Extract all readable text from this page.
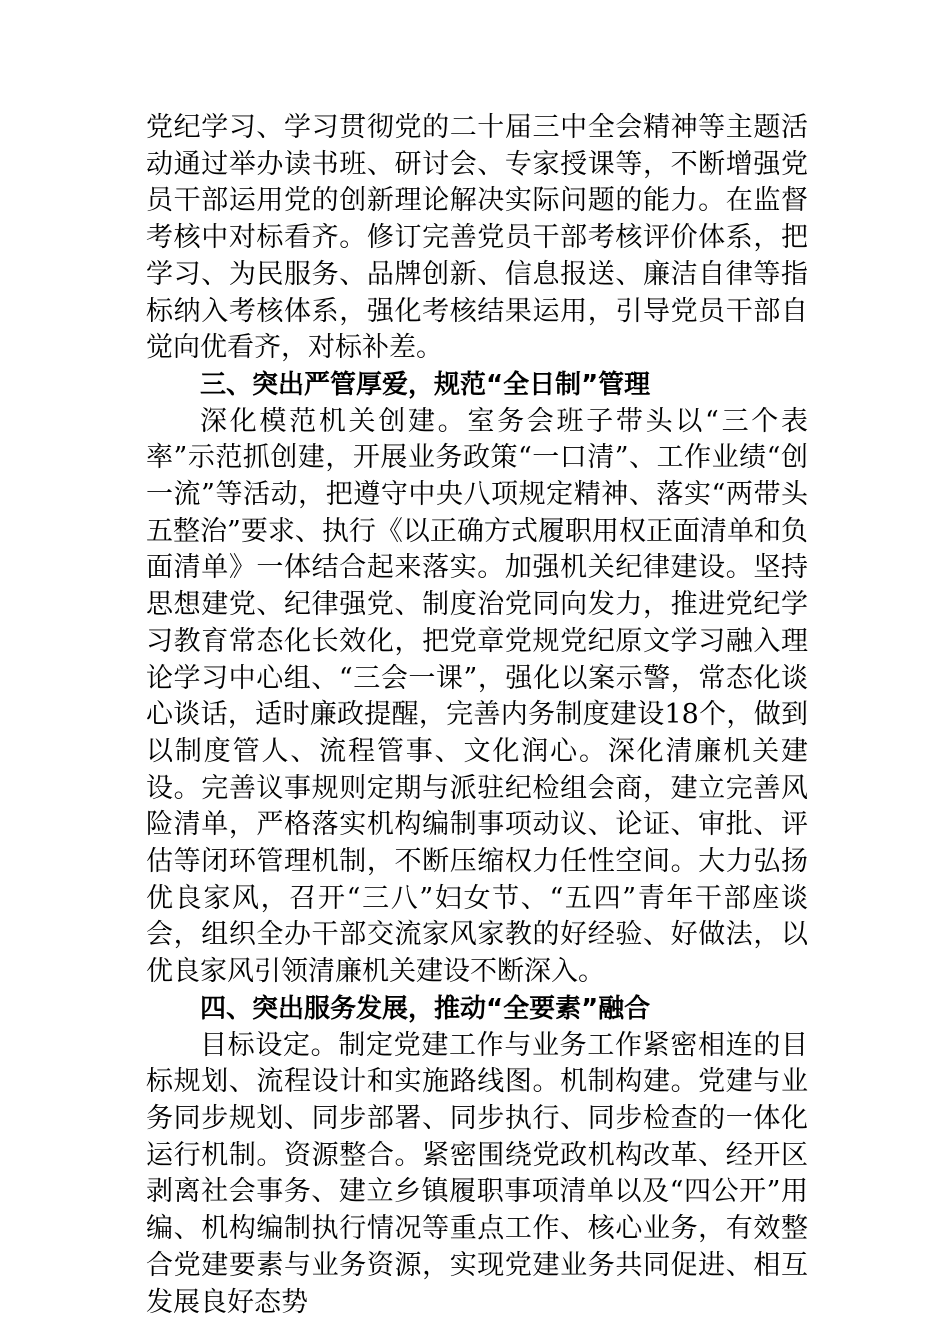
党纪学习、学习贯彻党的二十届三中全会精神等主题活动通过举办读书班、研讨会、专家授课等，不断增强党员干部运用党的创新理论解决实际问题的能力。在监督考核中对标看齐。修订完善党员干部考核评价体系，把学习、为民服务、品牌创新、信息报送、廉洁自律等指标纳入考核体系，强化考核结果运用，引导党员干部自觉向优看齐，对标补差。

三、突出严管厚爱，规范“全日制”管理

深化模范机关创建。室务会班子带头以“三个表率”示范抓创建，开展业务政策“一口清”、工作业绩“创一流”等活动，把遵守中央八项规定精神、落实“两带头五整治”要求、执行《以正确方式履职用权正面清单和负面清单》一体结合起来落实。加强机关纪律建设。坚持思想建党、纪律强党、制度治党同向发力，推进党纪学习教育常态化长效化，把党章党规党纪原文学习融入理论学习中心组、“三会一课”，强化以案示警，常态化谈心谈话，适时廉政提醒，完善内务制度建设18个，做到以制度管人、流程管事、文化润心。深化清廉机关建设。完善议事规则定期与派驻纪检组会商，建立完善风险清单，严格落实机构编制事项动议、论证、审批、评估等闭环管理机制，不断压缩权力任性空间。大力弘扬优良家风，召开“三八”妇女节、“五四”青年干部座谈会，组织全办干部交流家风家教的好经验、好做法，以优良家风引领清廉机关建设不断深入。

四、突出服务发展，推动“全要素”融合

目标设定。制定党建工作与业务工作紧密相连的目标规划、流程设计和实施路线图。机制构建。党建与业务同步规划、同步部署、同步执行、同步检查的一体化运行机制。资源整合。紧密围绕党政机构改革、经开区剥离社会事务、建立乡镇履职事项清单以及“四公开”用编、机构编制执行情况等重点工作、核心业务，有效整合党建要素与业务资源，实现党建业务共同促进、相互发展良好态势
